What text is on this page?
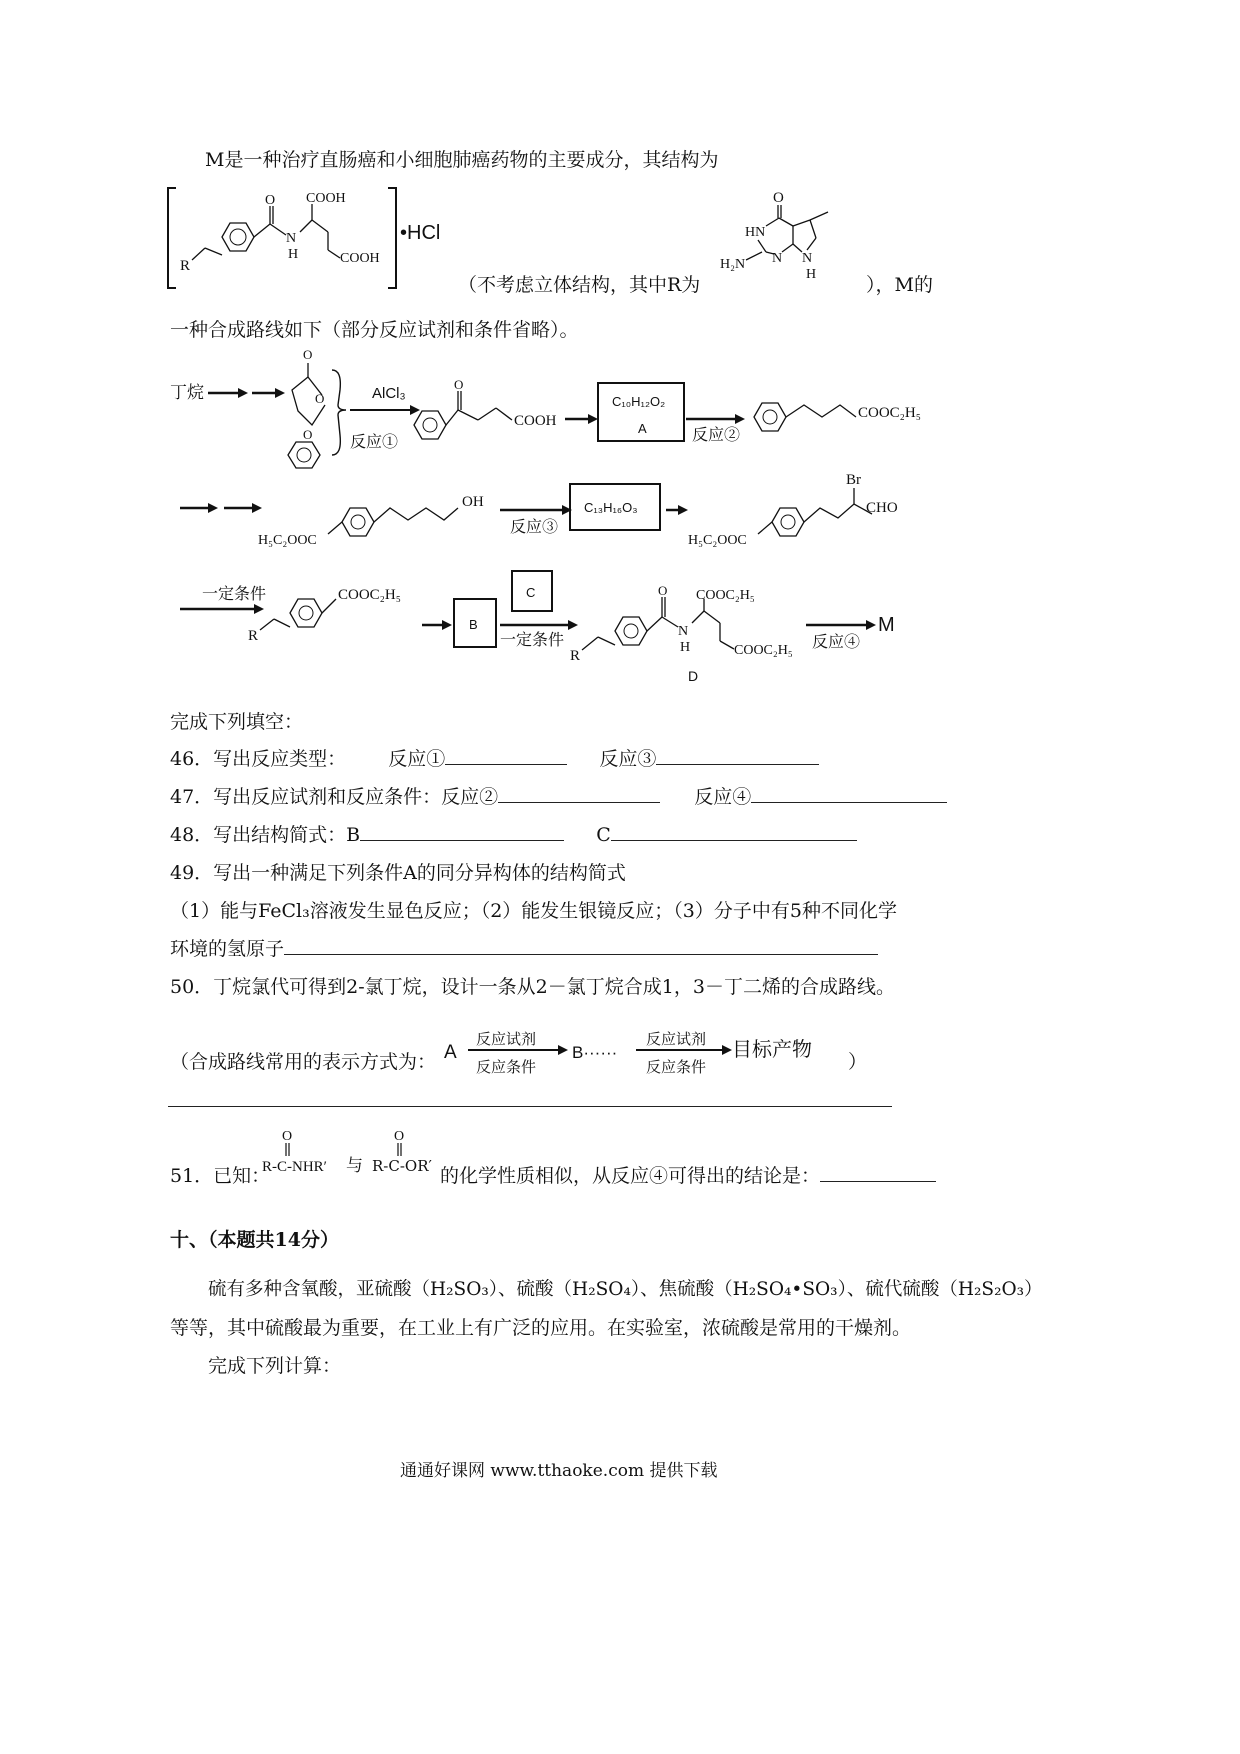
M是一种治疗直肠癌和小细胞肺癌药物的主要成分，其结构为
R
O
N
H
COOH
COOH
•HCl
O
HN
N
H
N
H₂N
（不考虑立体结构，其中R为	），M的
一种合成路线如下（部分反应试剂和条件省略）。
丁烷
O
O
O
AlCl₃
反应①
O
COOH
C₁₀H₁₂O₂
A	反应②
COOC₂H₅
H₅C₂OOC
OH
反应③
C₁₃H₁₆O₃
H₅C₂OOC
Br
CHO
一定条件
R
COOC₂H₅
B
C
一定条件
R
O
N
H
COOC₂H₅
COOC₂H₅
D
反应④
M
完成下列填空：
46．写出反应类型： 反应①	反应③
47．写出反应试剂和反应条件：反应②	反应④
48．写出结构简式：B	C
49．写出一种满足下列条件A的同分异构体的结构简式
（1）能与FeCl₃溶液发生显色反应；（2）能发生银镜反应；（3）分子中有5种不同化学
环境的氢原子
50．丁烷氯代可得到2-氯丁烷，设计一条从2－氯丁烷合成1，3－丁二烯的合成路线。
（合成路线常用的表示方式为： A
反应试剂
反应条件
B······
反应试剂
反应条件
目标产物
）
51．已知：
O
R-C-NHR′ 与
O
R-C-OR′ 的化学性质相似，从反应④可得出的结论是：
十、（本题共14分）
硫有多种含氧酸，亚硫酸（H₂SO₃）、硫酸（H₂SO₄）、焦硫酸（H₂SO₄•SO₃）、硫代硫酸（H₂S₂O₃）
等等，其中硫酸最为重要，在工业上有广泛的应用。在实验室，浓硫酸是常用的干燥剂。
完成下列计算：
通通好课网 www.tthaoke.com 提供下载
